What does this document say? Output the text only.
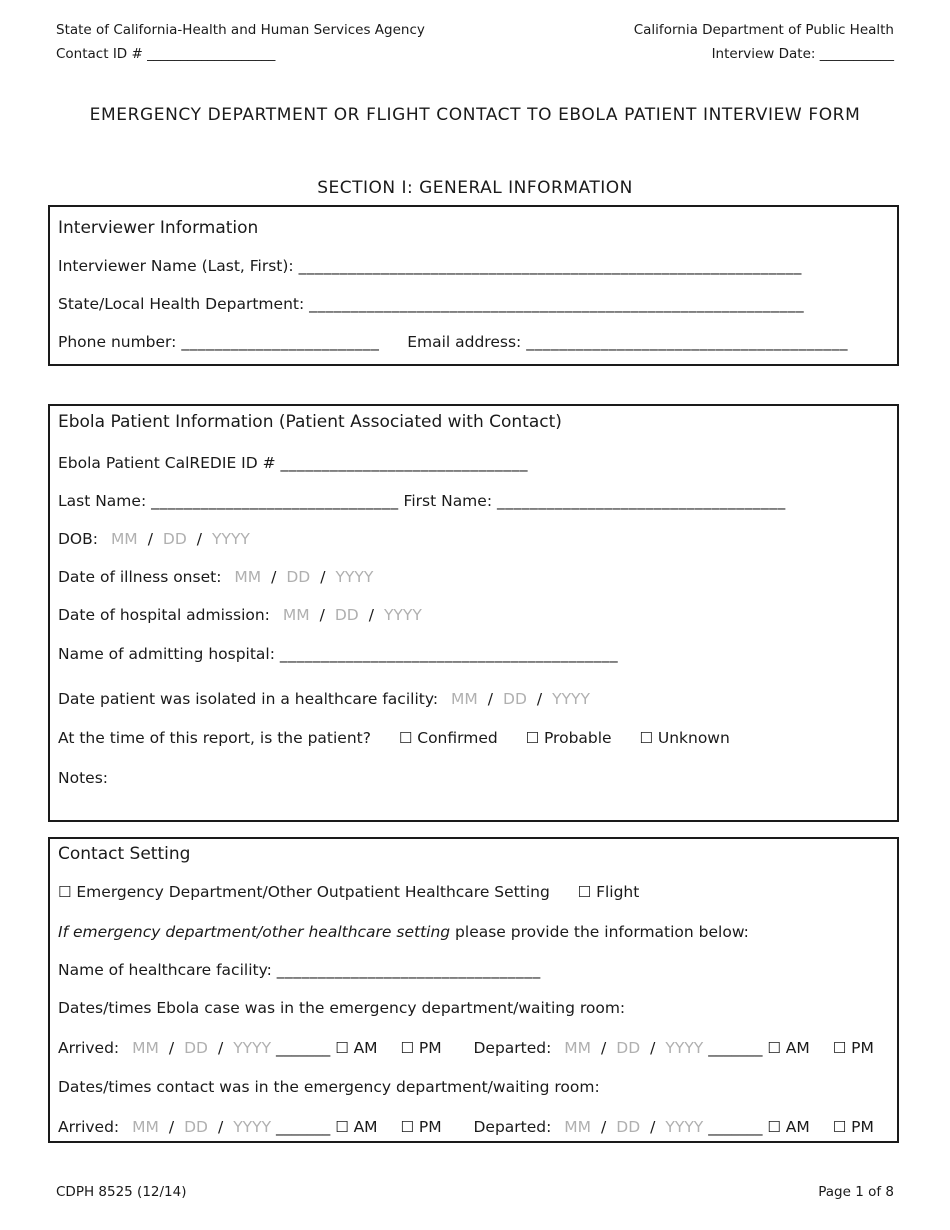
State of California-Health and Human Services Agency	California Department of Public Health
Contact ID # ___________________	Interview Date: ___________
EMERGENCY DEPARTMENT OR FLIGHT CONTACT TO EBOLA PATIENT INTERVIEW FORM
SECTION I: GENERAL INFORMATION
Interviewer Information
Interviewer Name (Last, First): _____________________________________________________________
State/Local Health Department: ____________________________________________________________
Phone number: ________________________ Email address: _______________________________________
Ebola Patient Information (Patient Associated with Contact)
Ebola Patient CalREDIE ID # ______________________________
Last Name: ______________________________ First Name: ___________________________________
DOB: MM / DD / YYYY
Date of illness onset: MM / DD / YYYY
Date of hospital admission: MM / DD / YYYY
Name of admitting hospital: _________________________________________
Date patient was isolated in a healthcare facility: MM / DD / YYYY
At the time of this report, is the patient? ☐ Confirmed ☐ Probable ☐ Unknown
Notes:
Contact Setting
☐ Emergency Department/Other Outpatient Healthcare Setting ☐ Flight
If emergency department/other healthcare setting please provide the information below:
Name of healthcare facility: ________________________________
Dates/times Ebola case was in the emergency department/waiting room:
Arrived: MM / DD / YYYY _______ ☐ AM ☐ PM Departed: MM / DD / YYYY _______ ☐ AM ☐ PM
Dates/times contact was in the emergency department/waiting room:
Arrived: MM / DD / YYYY _______ ☐ AM ☐ PM Departed: MM / DD / YYYY _______ ☐ AM ☐ PM
CDPH 8525 (12/14)	Page 1 of 8
